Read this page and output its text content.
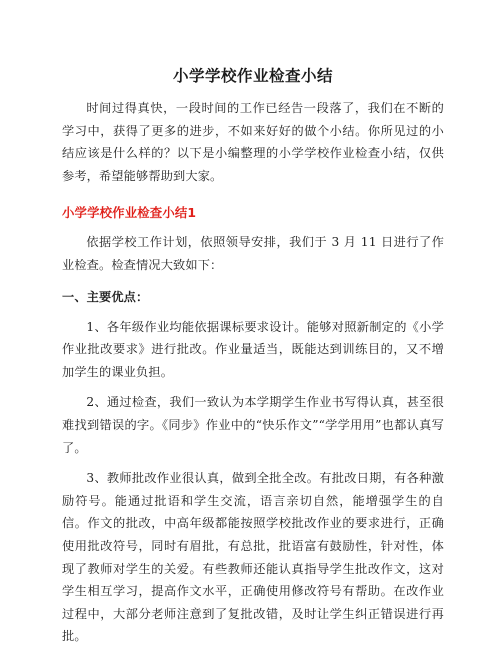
小学学校作业检查小结

时间过得真快，一段时间的工作已经告一段落了，我们在不断的学习中，获得了更多的进步，不如来好好的做个小结。你所见过的小结应该是什么样的？以下是小编整理的小学学校作业检查小结，仅供参考，希望能够帮助到大家。

小学学校作业检查小结1

依据学校工作计划，依照领导安排，我们于 3 月 11 日进行了作业检查。检查情况大致如下：

一、主要优点：

1、各年级作业均能依据课标要求设计。能够对照新制定的《小学作业批改要求》进行批改。作业量适当，既能达到训练目的，又不增加学生的课业负担。

2、通过检查，我们一致认为本学期学生作业书写得认真，甚至很难找到错误的字。《同步》作业中的“快乐作文”“学学用用”也都认真写了。

3、教师批改作业很认真，做到全批全改。有批改日期，有各种激励符号。能通过批语和学生交流，语言亲切自然，能增强学生的自信。作文的批改，中高年级都能按照学校批改作业的要求进行，正确使用批改符号，同时有眉批，有总批，批语富有鼓励性，针对性，体现了教师对学生的关爱。有些教师还能认真指导学生批改作文，这对学生相互学习，提高作文水平，正确使用修改符号有帮助。在改作业过程中，大部分老师注意到了复批改错，及时让学生纠正错误进行再批。
